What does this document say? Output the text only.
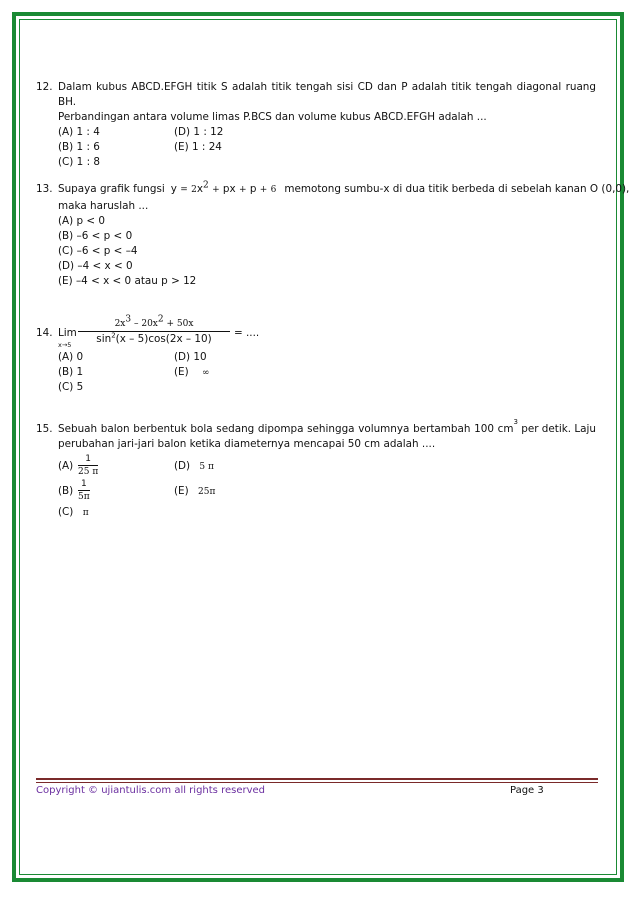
12. Dalam kubus ABCD.EFGH titik S adalah titik tengah sisi CD dan P adalah titik tengah diagonal ruang BH.
Perbandingan antara volume limas P.BCS dan volume kubus ABCD.EFGH adalah ...
(A) 1 : 4
(B) 1 : 6
(C) 1 : 8
(D) 1 : 12
(E) 1 : 24
13. Supaya grafik fungsi $y = 2x^2$ + px + p + 6 memotong sumbu-x di dua titik berbeda di sebelah kanan O (0,0),
maka haruslah ...
(A) p < 0
(B) –6 < p < 0
(C) –6 < p < –4
(D) –4 < x < 0
(E) –4 < x < 0 atau p > 12
14. Lim
x→5
$2x^3 - 20x^2 + 50x$
$\sin^2(x - 5)\cos(2x - 10)$	= ....
(A) 0
(B) 1
(C) 5
(D) 10
(E) ∞
15. Sebuah balon berbentuk bola sedang dipompa sehingga volumnya bertambah 100 cm
3
per detik. Laju
perubahan jari-jari balon ketika diameternya mencapai 50 cm adalah ....
$(A) \frac{1}{25 \pi}$
$(B) \frac{1}{5\pi}$
(C) π
(D) 5 π
(E) 25π
Copyright © ujiantulis.com all rights reserved	Page 3
